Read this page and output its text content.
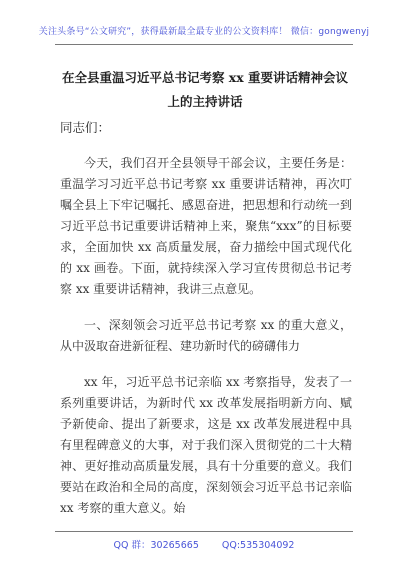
关注头条号“公文研究”，获得最新最全最专业的公文资料库！ 微信：gongwenyj
在全县重温习近平总书记考察 xx 重要讲话精神会议上的主持讲话
同志们：

今天，我们召开全县领导干部会议，主要任务是：重温学习习近平总书记考察 xx 重要讲话精神，再次叮嘱全县上下牢记嘱托、感恩奋进，把思想和行动统一到习近平总书记重要讲话精神上来，聚焦“xxx”的目标要求，全面加快 xx 高质量发展，奋力描绘中国式现代化的 xx 画卷。下面，就持续深入学习宣传贯彻总书记考察 xx 重要讲话精神，我讲三点意见。

一、深刻领会习近平总书记考察 xx 的重大意义，从中汲取奋进新征程、建功新时代的磅礴伟力

xx 年，习近平总书记亲临 xx 考察指导，发表了一系列重要讲话，为新时代 xx 改革发展指明新方向、赋予新使命、提出了新要求，这是 xx 改革发展进程中具有里程碑意义的大事，对于我们深入贯彻党的二十大精神、更好推动高质量发展，具有十分重要的意义。我们要站在政治和全局的高度，深刻领会习近平总书记亲临 xx 考察的重大意义。始

QQ 群：30265665 QQ:535304092
